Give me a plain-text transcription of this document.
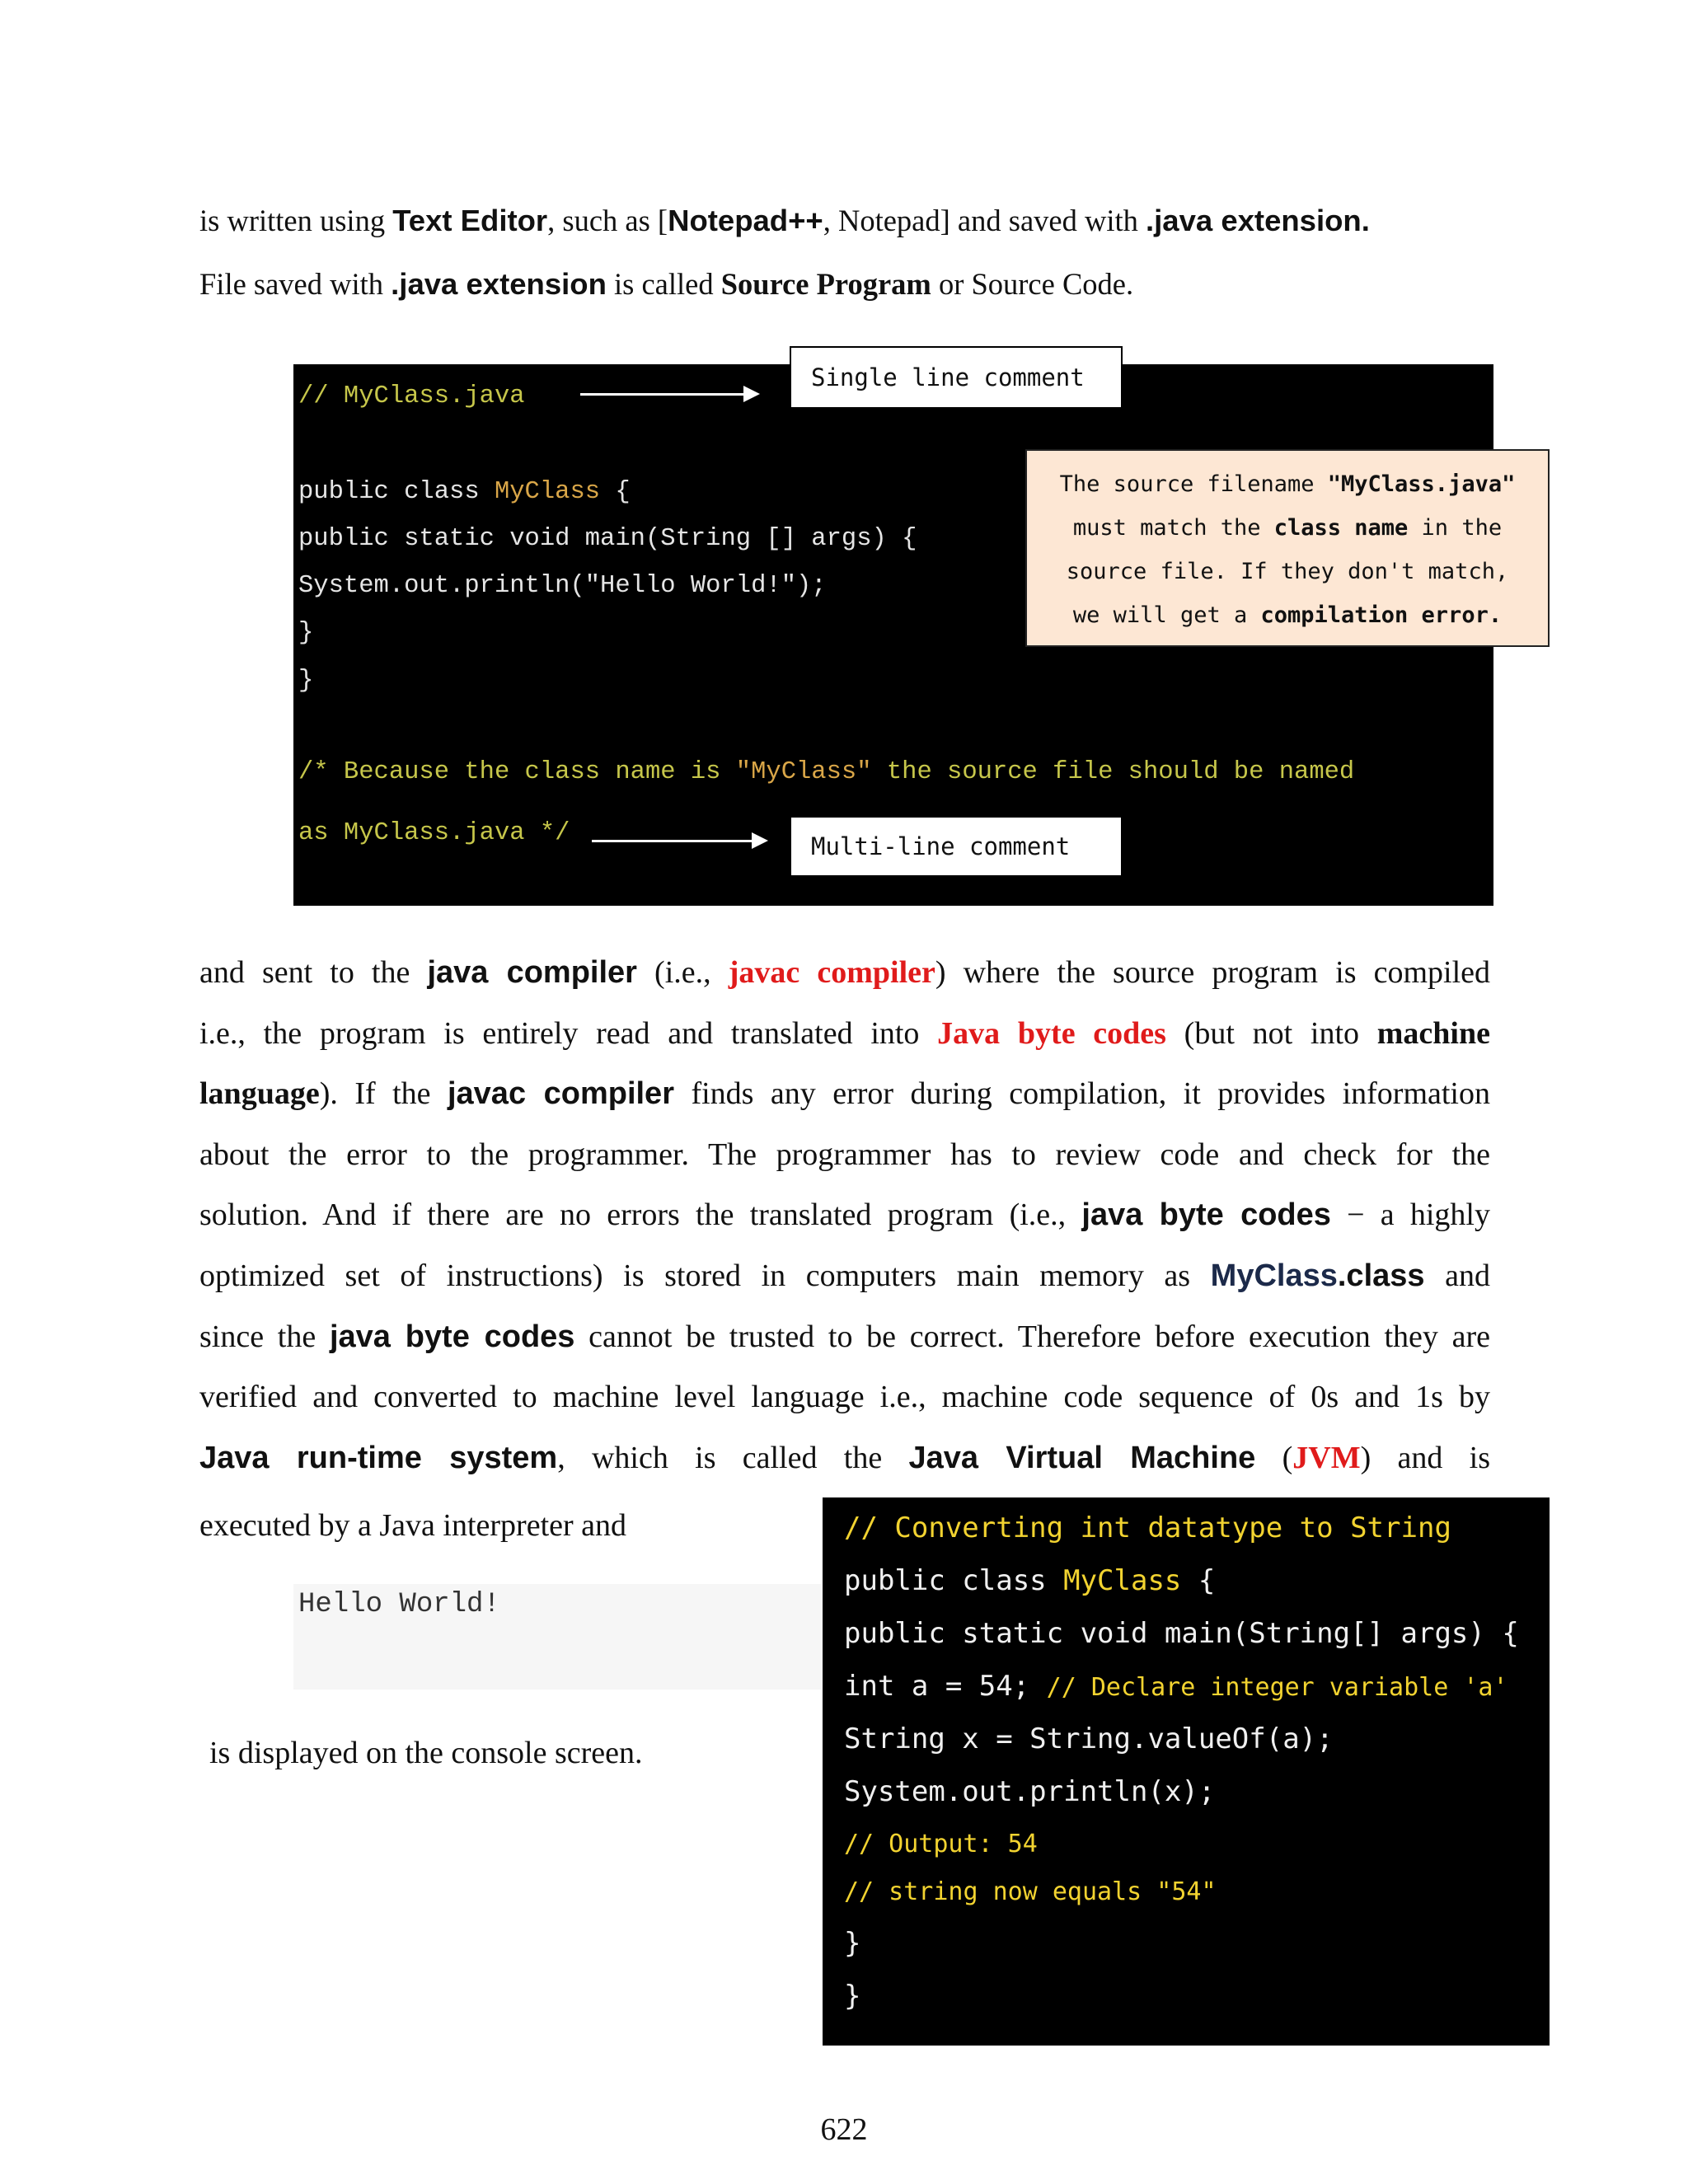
is written using Text Editor, such as [Notepad++, Notepad] and saved with .java extension.
File saved with .java extension is called Source Program or Source Code.
// MyClass.java
public class MyClass {
public static void main(String [] args) {
System.out.println("Hello World!");
}
}
/* Because the class name is "MyClass" the source file should be named
as MyClass.java */
Single line comment
Multi-line comment
The source filename "MyClass.java"
must match the class name in the
source file. If they don't match,
we will get a compilation error.
and sent to the java compiler (i.e., javac compiler) where the source program is compiled
i.e., the program is entirely read and translated into Java byte codes (but not into machine
language). If the javac compiler finds any error during compilation, it provides information
about the error to the programmer. The programmer has to review code and check for the
solution. And if there are no errors the translated program (i.e., java byte codes − a highly
optimized set of instructions) is stored in computers main memory as MyClass.class and
since the java byte codes cannot be trusted to be correct. Therefore before execution they are
verified and converted to machine level language i.e., machine code sequence of 0s and 1s by
Java run-time system, which is called the Java Virtual Machine (JVM) and is
executed by a Java interpreter and
Hello World!
is displayed on the console screen.
// Converting int datatype to String
public class MyClass {
public static void main(String[] args) {
int a = 54; // Declare integer variable 'a'
String x = String.valueOf(a);
System.out.println(x);
// Output: 54
// string now equals "54"
}
}
622
